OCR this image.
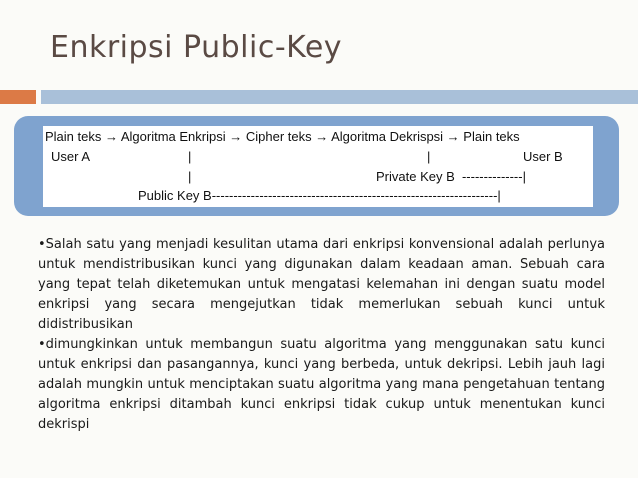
Enkripsi Public-Key
Plain teks → Algoritma Enkripsi → Cipher teks → Algoritma Dekrispsi → Plain teks
User A	|	|	User B
|	Private Key B  --------------|
Public Key B------------------------------------------------------------------|

•Salah satu yang menjadi kesulitan utama dari enkripsi konvensional adalah perlunya untuk mendistribusikan kunci yang digunakan dalam keadaan aman. Sebuah cara yang tepat telah diketemukan untuk mengatasi kelemahan ini dengan suatu model enkripsi yang secara mengejutkan tidak memerlukan sebuah kunci untuk didistribusikan

•dimungkinkan untuk membangun suatu algoritma yang menggunakan satu kunci untuk enkripsi dan pasangannya, kunci yang berbeda, untuk dekripsi. Lebih jauh lagi adalah mungkin untuk menciptakan suatu algoritma yang mana pengetahuan tentang algoritma enkripsi ditambah kunci enkripsi tidak cukup untuk menentukan kunci dekrispi
